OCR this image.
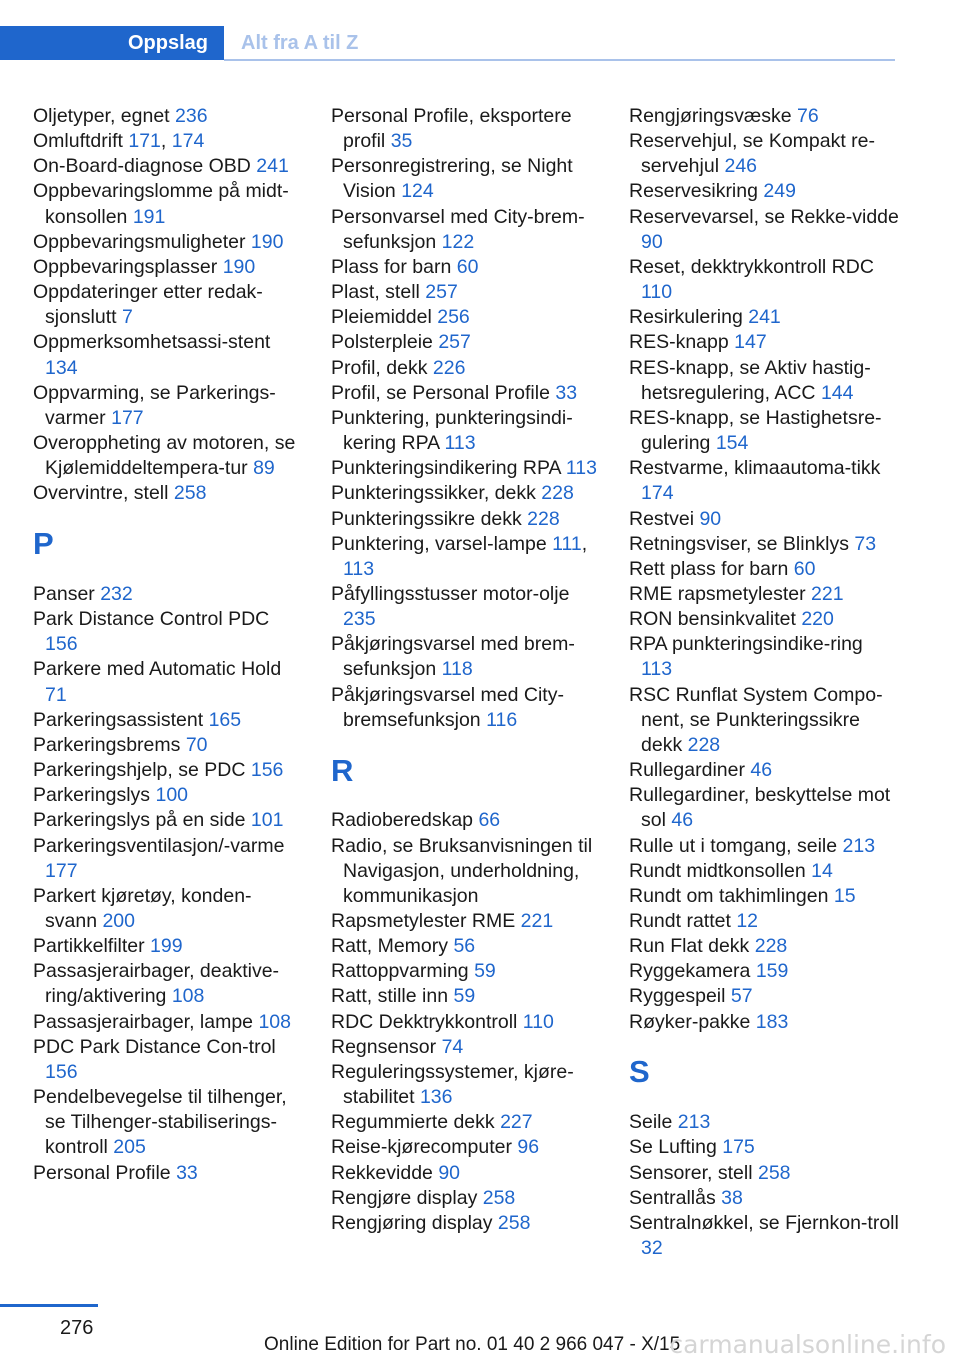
Oppslag Alt fra A til Z
Oljetyper, egnet 236
Omluftdrift 171, 174
On-Board-diagnose OBD 241
Oppbevaringslomme på midt-konsollen 191
Oppbevaringsmuligheter 190
Oppbevaringsplasser 190
Oppdateringer etter redak-sjonslutt 7
Oppmerksomhetsassi-stent 134
Oppvarming, se Parkerings-varmer 177
Overoppheting av motoren, se Kjølemiddeltempera-tur 89
Overvintre, stell 258
P
Panser 232
Park Distance Control PDC 156
Parkere med Automatic Hold 71
Parkeringsassistent 165
Parkeringsbrems 70
Parkeringshjelp, se PDC 156
Parkeringslys 100
Parkeringslys på en side 101
Parkeringsventilasjon/-varme 177
Parkert kjøretøy, konden-svann 200
Partikkelfilter 199
Passasjerairbager, deaktive-ring/aktivering 108
Passasjerairbager, lampe 108
PDC Park Distance Con-trol 156
Pendelbevegelse til tilhenger, se Tilhenger-stabiliserings-kontroll 205
Personal Profile 33
Personal Profile, eksportere profil 35
Personregistrering, se Night Vision 124
Personvarsel med City-brem-sefunksjon 122
Plass for barn 60
Plast, stell 257
Pleiemiddel 256
Polsterpleie 257
Profil, dekk 226
Profil, se Personal Profile 33
Punktering, punkteringsindi-kering RPA 113
Punkteringsindikering RPA 113
Punkteringssikker, dekk 228
Punkteringssikre dekk 228
Punktering, varsel-lampe 111, 113
Påfyllingsstusser motor-olje 235
Påkjøringsvarsel med brem-sefunksjon 118
Påkjøringsvarsel med City-bremsefunksjon 116
R
Radioberedskap 66
Radio, se Bruksanvisningen til Navigasjon, underholdning, kommunikasjon
Rapsmetylester RME 221
Ratt, Memory 56
Rattoppvarming 59
Ratt, stille inn 59
RDC Dekktrykkontroll 110
Regnsensor 74
Reguleringssystemer, kjøre-stabilitet 136
Regummierte dekk 227
Reise-kjørecomputer 96
Rekkevidde 90
Rengjøre display 258
Rengjøring display 258
Rengjøringsvæske 76
Reservehjul, se Kompakt re-servehjul 246
Reservesikring 249
Reservevarsel, se Rekke-vidde 90
Reset, dekktrykkontroll RDC 110
Resirkulering 241
RES-knapp 147
RES-knapp, se Aktiv hastig-hetsregulering, ACC 144
RES-knapp, se Hastighetsre-gulering 154
Restvarme, klimaautoma-tikk 174
Restvei 90
Retningsviser, se Blinklys 73
Rett plass for barn 60
RME rapsmetylester 221
RON bensinkvalitet 220
RPA punkteringsindike-ring 113
RSC Runflat System Compo-nent, se Punkteringssikre dekk 228
Rullegardiner 46
Rullegardiner, beskyttelse mot sol 46
Rulle ut i tomgang, seile 213
Rundt midtkonsollen 14
Rundt om takhimlingen 15
Rundt rattet 12
Run Flat dekk 228
Ryggekamera 159
Ryggespeil 57
Røyker-pakke 183
S
Seile 213
Se Lufting 175
Sensorer, stell 258
Sentrallås 38
Sentralnøkkel, se Fjernkon-troll 32
276
Online Edition for Part no. 01 40 2 966 047 - X/15
carmanualsonline.info
